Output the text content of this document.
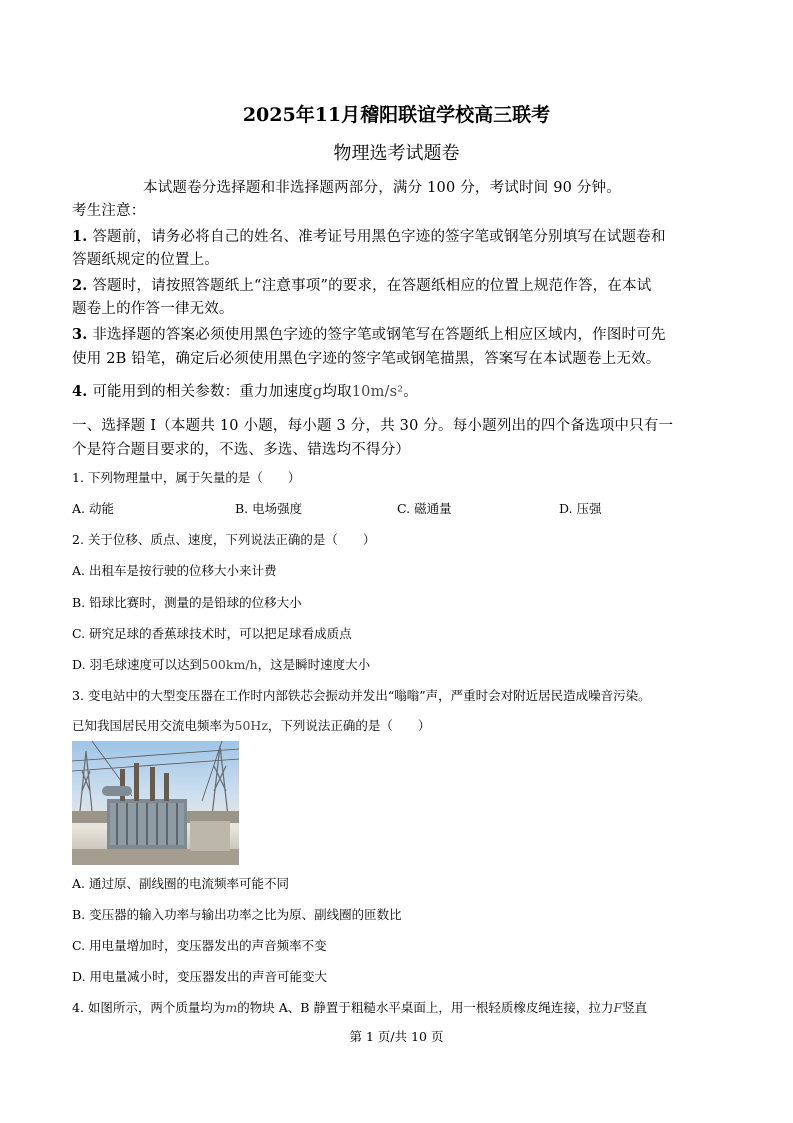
2025年11月稽阳联谊学校高三联考
物理选考试题卷
本试题卷分选择题和非选择题两部分，满分 100 分，考试时间 90 分钟。
考生注意：
1. 答题前，请务必将自己的姓名、准考证号用黑色字迹的签字笔或钢笔分别填写在试题卷和
答题纸规定的位置上。
2. 答题时，请按照答题纸上“注意事项”的要求，在答题纸相应的位置上规范作答，在本试
题卷上的作答一律无效。
3. 非选择题的答案必须使用黑色字迹的签字笔或钢笔写在答题纸上相应区域内，作图时可先
使用 2B 铅笔，确定后必须使用黑色字迹的签字笔或钢笔描黑，答案写在本试题卷上无效。
4. 可能用到的相关参数：重力加速度g均取10m/s²。
一、选择题 I（本题共 10 小题，每小题 3 分，共 30 分。每小题列出的四个备选项中只有一
个是符合题目要求的，不选、多选、错选均不得分）
1. 下列物理量中，属于矢量的是（　　）
A. 动能	B. 电场强度	C. 磁通量	D. 压强
2. 关于位移、质点、速度，下列说法正确的是（　　）
A. 出租车是按行驶的位移大小来计费
B. 铅球比赛时，测量的是铅球的位移大小
C. 研究足球的香蕉球技术时，可以把足球看成质点
D. 羽毛球速度可以达到500km/h，这是瞬时速度大小
3. 变电站中的大型变压器在工作时内部铁芯会振动并发出“嗡嗡”声，严重时会对附近居民造成噪音污染。
已知我国居民用交流电频率为50Hz，下列说法正确的是（　　）
A. 通过原、副线圈的电流频率可能不同
B. 变压器的输入功率与输出功率之比为原、副线圈的匝数比
C. 用电量增加时，变压器发出的声音频率不变
D. 用电量减小时，变压器发出的声音可能变大
4. 如图所示，两个质量均为m的物块 A、B 静置于粗糙水平桌面上，用一根轻质橡皮绳连接，拉力F竖直
第 1 页/共 10 页
